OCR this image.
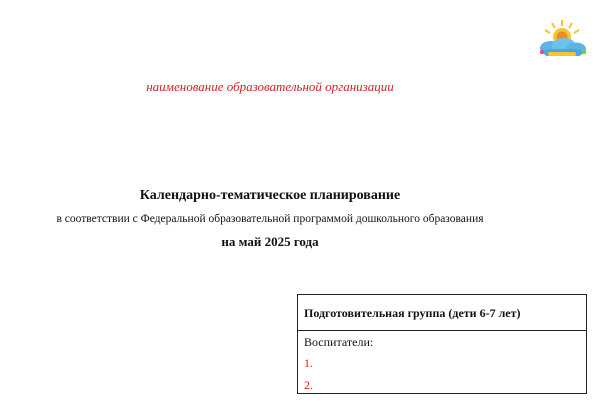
наименование образовательной организации
Календарно-тематическое планирование
в соответствии с Федеральной образовательной программой дошкольного образования
на май 2025 года
Подготовительная группа (дети 6-7 лет)
Воспитатели:
1.
2.
